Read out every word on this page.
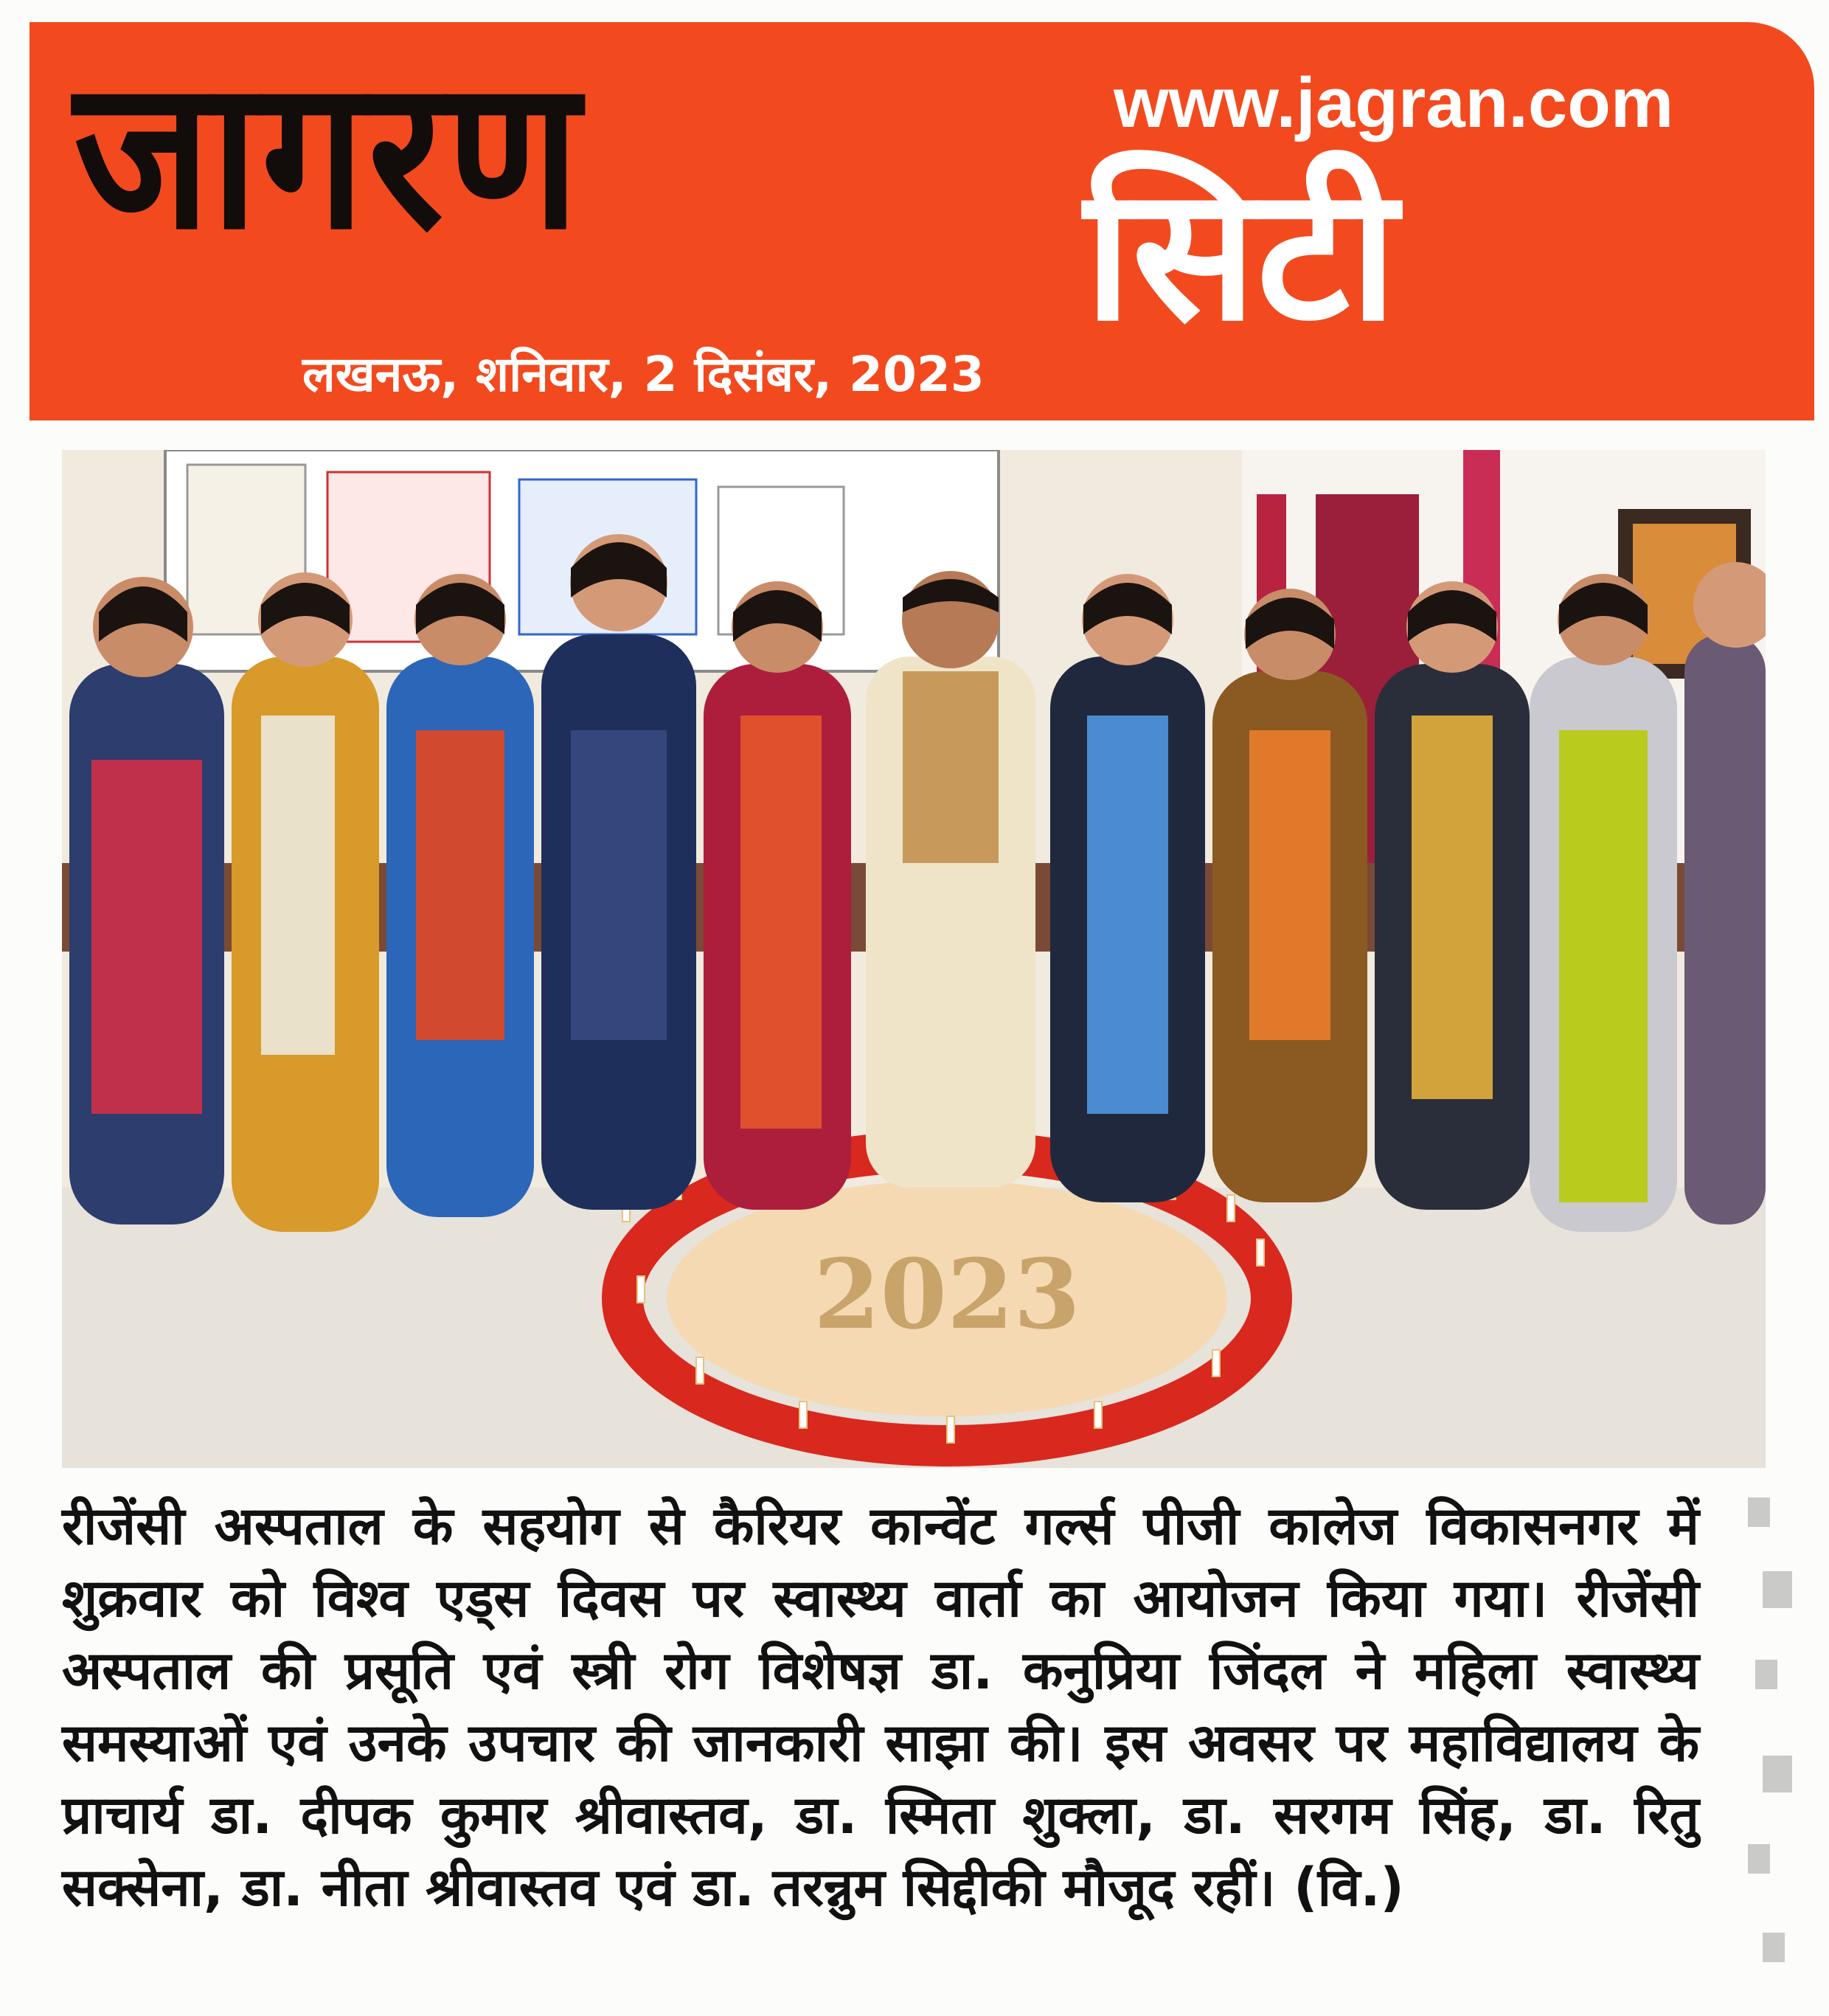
जागरण	www.jagran.com
सिटी
लखनऊ, शनिवार, 2 दिसंबर, 2023
2023
रीजेंसी अस्पताल के सहयोग से कैरियर कान्वेंट गर्ल्स पीजी कालेज विकासनगर में शुक्रवार को विश्व एड्स दिवस पर स्वास्थ्य वार्ता का आयोजन किया गया। रीजेंसी अस्पताल की प्रसूति एवं स्त्री रोग विशेषज्ञ डा. कनुप्रिया जिंदल ने महिला स्वास्थ्य समस्याओं एवं उनके उपचार की जानकारी साझा की। इस अवसर पर महाविद्यालय के प्राचार्य डा. दीपक कुमार श्रीवास्तव, डा. स्मिता शुक्ला, डा. सरगम सिंह, डा. रितु सक्सेना, डा. नीता श्रीवास्तव एवं डा. तरन्नुम सिद्दीकी मौजूद रहीं। (वि.)
